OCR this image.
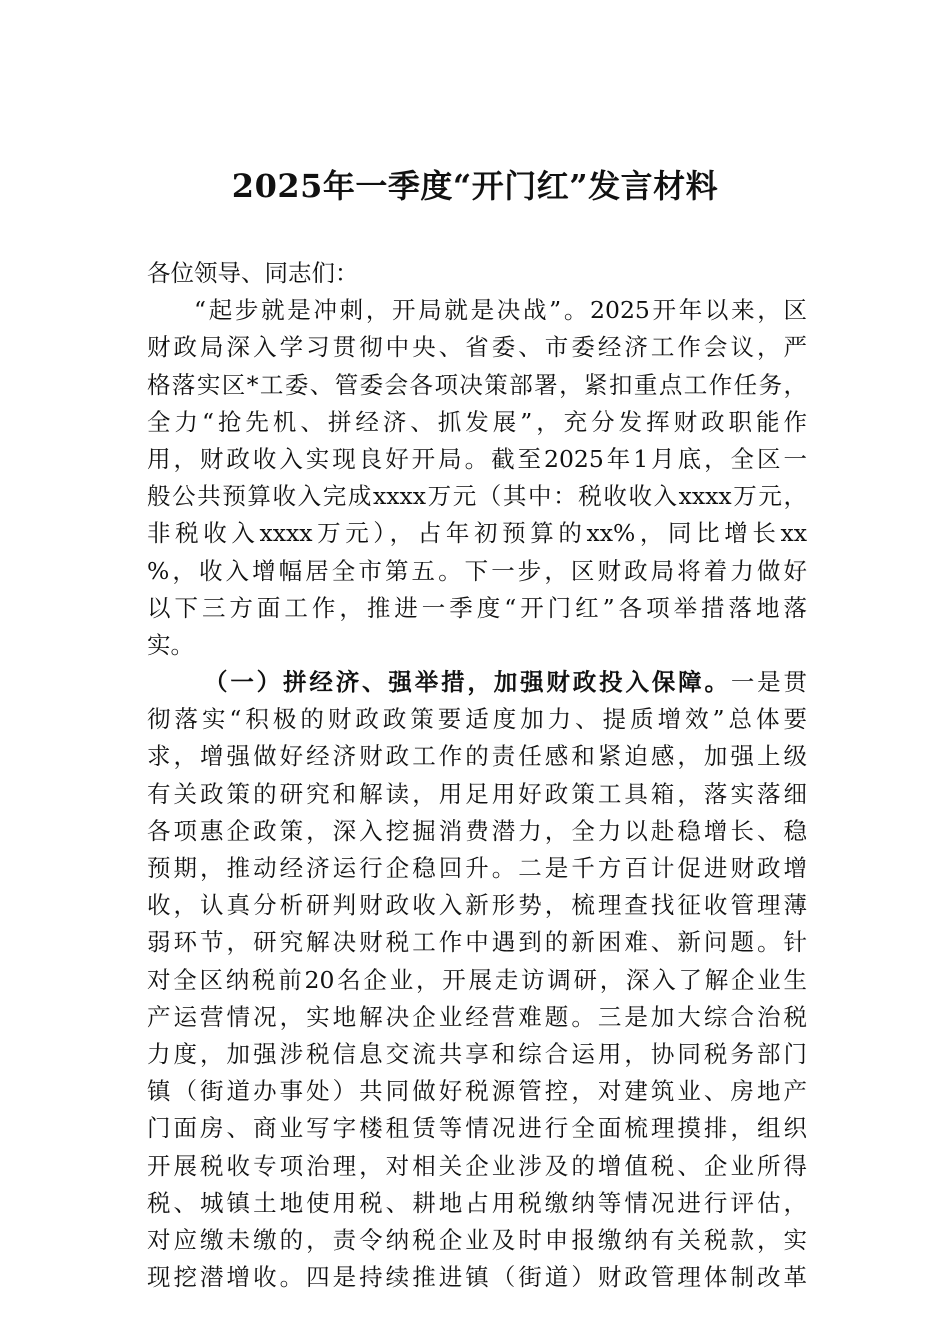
2025年一季度“开门红”发言材料
各位领导、同志们：
“起步就是冲刺，开局就是决战”。2025开年以来，区
财政局深入学习贯彻中央、省委、市委经济工作会议，严
格落实区*工委、管委会各项决策部署，紧扣重点工作任务，
全力“抢先机、拼经济、抓发展”，充分发挥财政职能作
用，财政收入实现良好开局。截至2025年1月底，全区一
般公共预算收入完成xxxx万元（其中：税收收入xxxx万元，
非税收入xxxx万元），占年初预算的xx%，同比增长xx
%，收入增幅居全市第五。下一步，区财政局将着力做好
以下三方面工作，推进一季度“开门红”各项举措落地落
实。
（一）拼经济、强举措，加强财政投入保障。一是贯
彻落实“积极的财政政策要适度加力、提质增效”总体要
求，增强做好经济财政工作的责任感和紧迫感，加强上级
有关政策的研究和解读，用足用好政策工具箱，落实落细
各项惠企政策，深入挖掘消费潜力，全力以赴稳增长、稳
预期，推动经济运行企稳回升。二是千方百计促进财政增
收，认真分析研判财政收入新形势，梳理查找征收管理薄
弱环节，研究解决财税工作中遇到的新困难、新问题。针
对全区纳税前20名企业，开展走访调研，深入了解企业生
产运营情况，实地解决企业经营难题。三是加大综合治税
力度，加强涉税信息交流共享和综合运用，协同税务部门
镇（街道办事处）共同做好税源管控，对建筑业、房地产
门面房、商业写字楼租赁等情况进行全面梳理摸排，组织
开展税收专项治理，对相关企业涉及的增值税、企业所得
税、城镇土地使用税、耕地占用税缴纳等情况进行评估，
对应缴未缴的，责令纳税企业及时申报缴纳有关税款，实
现挖潜增收。四是持续推进镇（街道）财政管理体制改革
